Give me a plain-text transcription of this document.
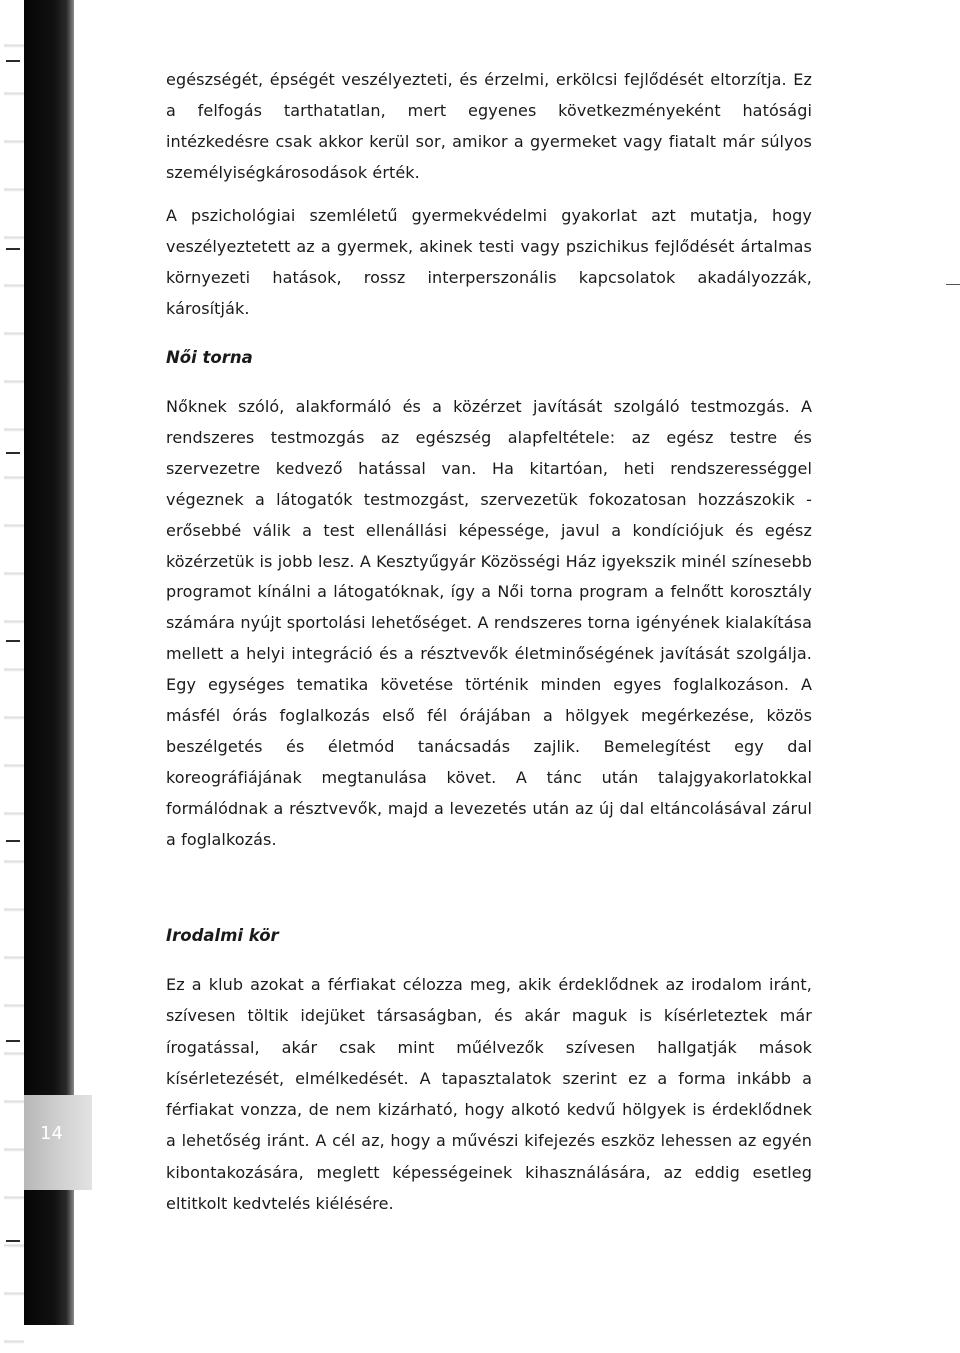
14

egészségét, épségét veszélyezteti, és érzelmi, erkölcsi fejlődését eltorzítja. Ez a felfogás tarthatatlan, mert egyenes következményeként hatósági intézkedésre csak akkor kerül sor, amikor a gyermeket vagy fiatalt már súlyos személyiségkárosodások érték.

A pszichológiai szemléletű gyermekvédelmi gyakorlat azt mutatja, hogy veszélyeztetett az a gyermek, akinek testi vagy pszichikus fejlődését ártalmas környezeti hatások, rossz interperszonális kapcsolatok akadályozzák, károsítják.

Női torna

Nőknek szóló, alakformáló és a közérzet javítását szolgáló testmozgás. A rendszeres testmozgás az egészség alapfeltétele: az egész testre és szervezetre kedvező hatással van. Ha kitartóan, heti rendszerességgel végeznek a látogatók testmozgást, szervezetük fokozatosan hozzászokik - erősebbé válik a test ellenállási képessége, javul a kondíciójuk és egész közérzetük is jobb lesz. A Kesztyűgyár Közösségi Ház igyekszik minél színesebb programot kínálni a látogatóknak, így a Női torna program a felnőtt korosztály számára nyújt sportolási lehetőséget. A rendszeres torna igényének kialakítása mellett a helyi integráció és a résztvevők életminőségének javítását szolgálja. Egy egységes tematika követése történik minden egyes foglalkozáson. A másfél órás foglalkozás első fél órájában a hölgyek megérkezése, közös beszélgetés és életmód tanácsadás zajlik. Bemelegítést egy dal koreográfiájának megtanulása követ. A tánc után talajgyakorlatokkal formálódnak a résztvevők, majd a levezetés után az új dal eltáncolásával zárul a foglalkozás.

Irodalmi kör

Ez a klub azokat a férfiakat célozza meg, akik érdeklődnek az irodalom iránt, szívesen töltik idejüket társaságban, és akár maguk is kísérleteztek már írogatással, akár csak mint műélvezők szívesen hallgatják mások kísérletezését, elmélkedését. A tapasztalatok szerint ez a forma inkább a férfiakat vonzza, de nem kizárható, hogy alkotó kedvű hölgyek is érdeklődnek a lehetőség iránt. A cél az, hogy a művészi kifejezés eszköz lehessen az egyén kibontakozására, meglett képességeinek kihasználására, az eddig esetleg eltitkolt kedvtelés kiélésére.
